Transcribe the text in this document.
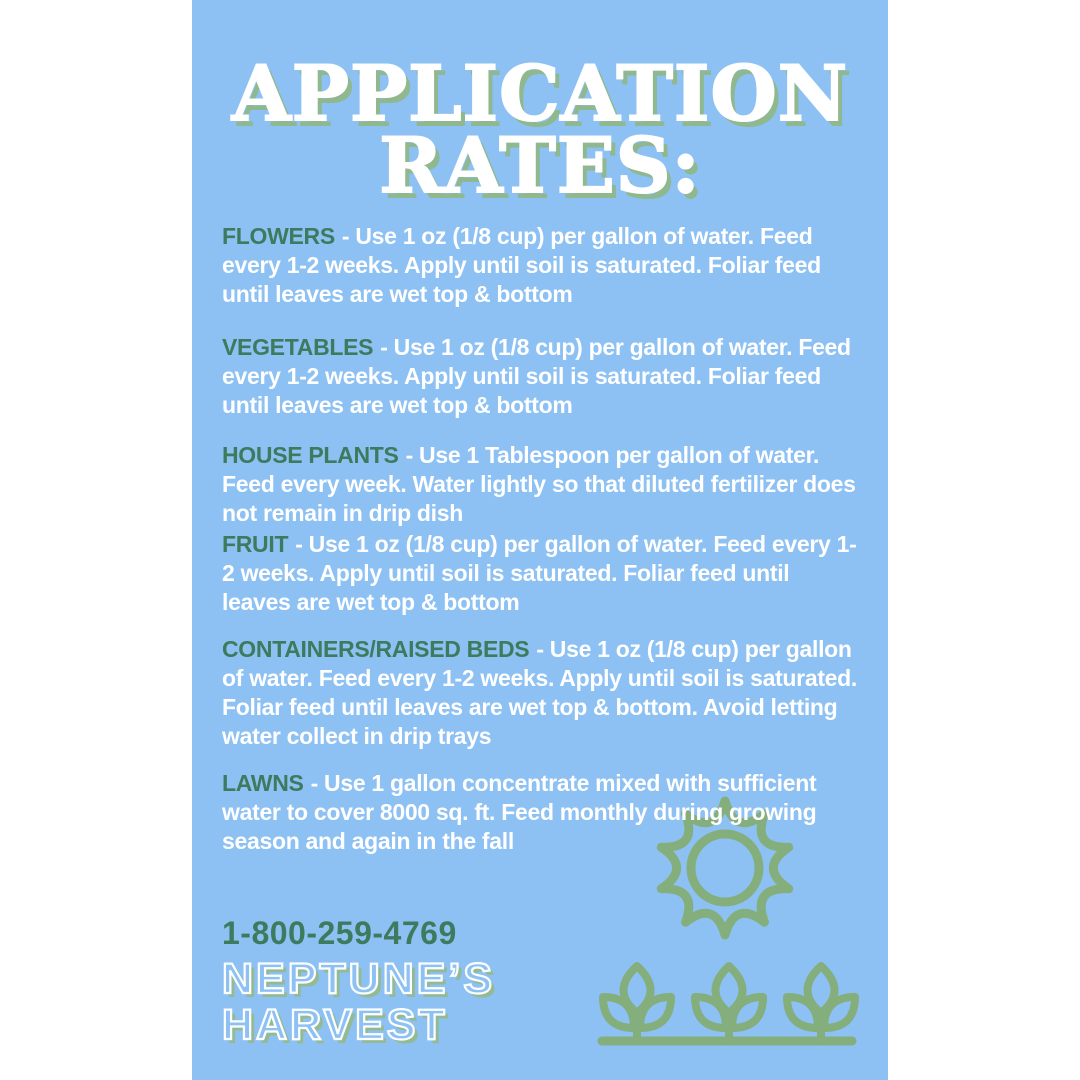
APPLICATION
RATES:

FLOWERS - Use 1 oz (1/8 cup) per gallon of water. Feed every 1-2 weeks. Apply until soil is saturated. Foliar feed until leaves are wet top & bottom

VEGETABLES - Use 1 oz (1/8 cup) per gallon of water. Feed every 1-2 weeks. Apply until soil is saturated. Foliar feed until leaves are wet top & bottom

HOUSE PLANTS - Use 1 Tablespoon per gallon of water. Feed every week. Water lightly so that diluted fertilizer does not remain in drip dish

FRUIT - Use 1 oz (1/8 cup) per gallon of water. Feed every 1-2 weeks. Apply until soil is saturated. Foliar feed until leaves are wet top & bottom

CONTAINERS/RAISED BEDS - Use 1 oz (1/8 cup) per gallon of water. Feed every 1-2 weeks. Apply until soil is saturated. Foliar feed until leaves are wet top & bottom. Avoid letting water collect in drip trays

LAWNS - Use 1 gallon concentrate mixed with sufficient water to cover 8000 sq. ft. Feed monthly during growing season and again in the fall

1-800-259-4769
NEPTUNE’S
HARVEST
